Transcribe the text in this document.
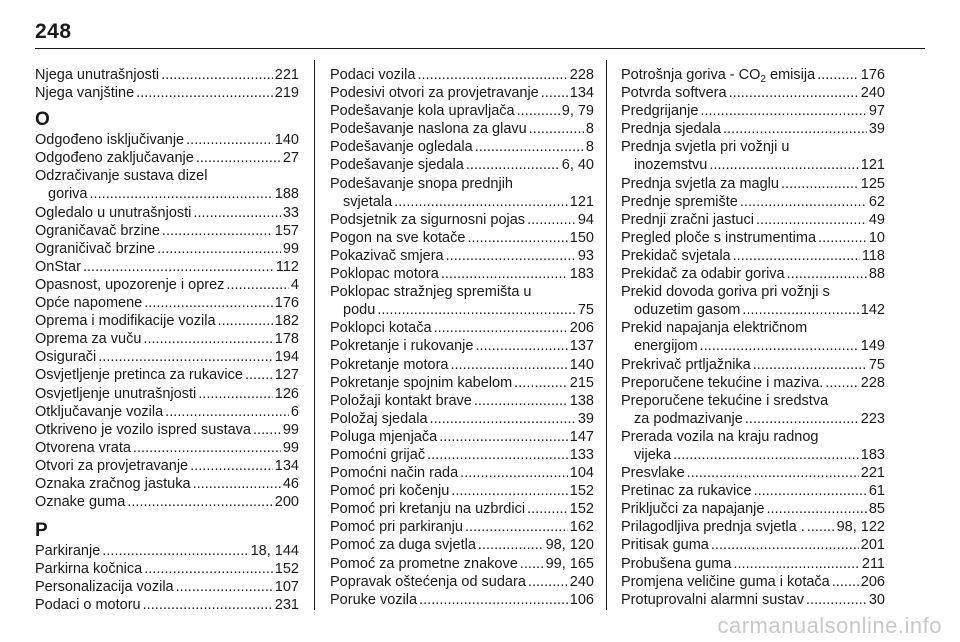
248
Njega unutrašnjosti . . .	221
Njega vanjštine . . .	219
O
Odgođeno isključivanje . . .	140
Odgođeno zaključavanje . . .	27
Odzračivanje sustava dizel
goriva . . .	188
Ogledalo u unutrašnjosti . . .	33
Ograničavač brzine . . .	157
Ograničivač brzine . . .	99
OnStar . . .	112
Opasnost, upozorenje i oprez . . .	4
Opće napomene . . .	176
Oprema i modifikacije vozila . . .	182
Oprema za vuču . . .	178
Osigurači . . .	194
Osvjetljenje pretinca za rukavice . . . 127
Osvjetljenje unutrašnjosti . . .	126
Otključavanje vozila . . .	6
Otkriveno je vozilo ispred sustava . . . 99
Otvorena vrata . . .	99
Otvori za provjetravanje . . .	134
Oznaka zračnog jastuka . . .	46
Oznake guma . . .	200
P
Parkiranje . . .	18, 144
Parkirna kočnica . . .	152
Personalizacija vozila . . .	107
Podaci o motoru . . .	231
Podaci vozila . . .	228
Podesivi otvori za provjetravanje . . . 134
Podešavanje kola upravljača . . .	9, 79
Podešavanje naslona za glavu . . .	8
Podešavanje ogledala . . .	8
Podešavanje sjedala . . .	6, 40
Podešavanje snopa prednjih
svjetala . . .	121
Podsjetnik za sigurnosni pojas . . .	94
Pogon na sve kotače . . .	150
Pokazivač smjera . . .	93
Poklopac motora . . .	183
Poklopac stražnjeg spremišta u
podu . . .	75
Poklopci kotača . . .	206
Pokretanje i rukovanje . . .	137
Pokretanje motora . . .	140
Pokretanje spojnim kabelom . . .	215
Položaji kontakt brave . . .	138
Položaj sjedala . . .	39
Poluga mjenjača . . .	147
Pomoćni grijač . . .	133
Pomoćni način rada . . .	104
Pomoć pri kočenju . . .	152
Pomoć pri kretanju na uzbrdici . . .	152
Pomoć pri parkiranju . . .	162
Pomoć za duga svjetla . . .	98, 120
Pomoć za prometne znakove . . . 99, 165
Popravak oštećenja od sudara . . .	240
Poruke vozila . . .	106
Potrošnja goriva - $CO_2$ emisija . . .	176
Potvrda softvera . . .	240
Predgrijanje . . .	97
Prednja sjedala . . .	39
Prednja svjetla pri vožnji u
inozemstvu . . .	121
Prednja svjetla za maglu . . .	125
Prednje spremište . . .	62
Prednji zračni jastuci . . .	49
Pregled ploče s instrumentima . . .	10
Prekidač svjetala . . .	118
Prekidač za odabir goriva . . .	88
Prekid dovoda goriva pri vožnji s
oduzetim gasom . . .	142
Prekid napajanja električnom
energijom . . .	149
Prekrivač prtljažnika . . .	75
Preporučene tekućine i maziva. . . .	228
Preporučene tekućine i sredstva
za podmazivanje . . .	223
Prerada vozila na kraju radnog
vijeka . . .	183
Presvlake . . .	221
Pretinac za rukavice . . .	61
Priključci za napajanje . . .	85
Prilagodljiva prednja svjetla . . . . 98, 122
Pritisak guma . . .	201
Probušena guma . . .	211
Promjena veličine guma i kotača . . . 206
Protuprovalni alarmni sustav . . .	30
carmanualsonline.info
